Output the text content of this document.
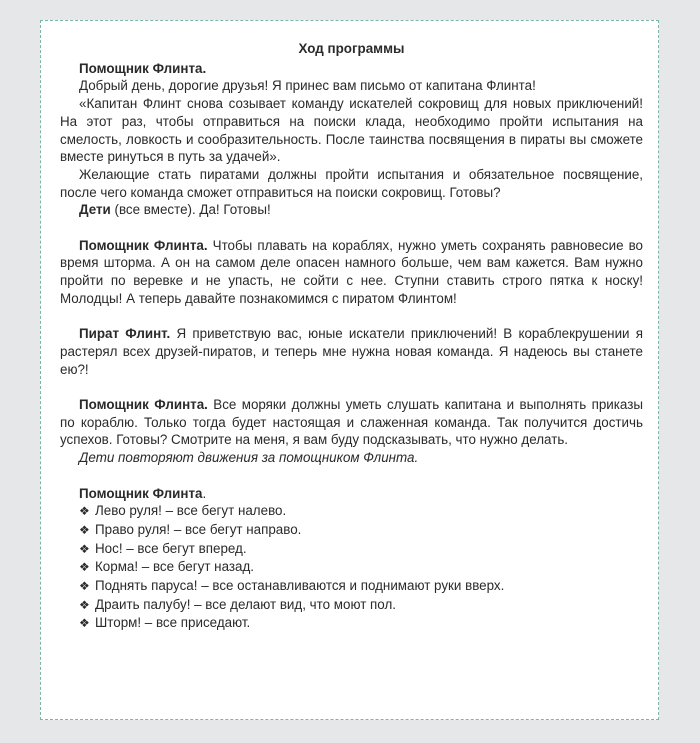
Ход программы

Помощник Флинта.

Добрый день, дорогие друзья! Я принес вам письмо от капитана Флинта!

«Капитан Флинт снова созывает команду искателей сокровищ для новых приключений! На этот раз, чтобы отправиться на поиски клада, необходимо пройти испытания на смелость, ловкость и сообразительность. После таинства посвящения в пираты вы сможете вместе ринуться в путь за удачей».

Желающие стать пиратами должны пройти испытания и обязательное посвящение, после чего команда сможет отправиться на поиски сокровищ. Готовы?

Дети (все вместе). Да! Готовы!

Помощник Флинта. Чтобы плавать на кораблях, нужно уметь сохранять равновесие во время шторма. А он на самом деле опасен намного больше, чем вам кажется. Вам нужно пройти по веревке и не упасть, не сойти с нее. Ступни ставить строго пятка к носку! Молодцы! А теперь давайте познакомимся с пиратом Флинтом!

Пират Флинт. Я приветствую вас, юные искатели приключений! В кораблекрушении я растерял всех друзей-пиратов, и теперь мне нужна новая команда. Я надеюсь вы станете ею?!

Помощник Флинта. Все моряки должны уметь слушать капитана и выполнять приказы по кораблю. Только тогда будет настоящая и слаженная команда. Так получится достичь успехов. Готовы? Смотрите на меня, я вам буду подсказывать, что нужно делать.

Дети повторяют движения за помощником Флинта.

Помощник Флинта.

❖ Лево руля! – все бегут налево.
❖ Право руля! – все бегут направо.
❖ Нос! – все бегут вперед.
❖ Корма! – все бегут назад.
❖ Поднять паруса! – все останавливаются и поднимают руки вверх.
❖ Драить палубу! – все делают вид, что моют пол.
❖ Шторм! – все приседают.
